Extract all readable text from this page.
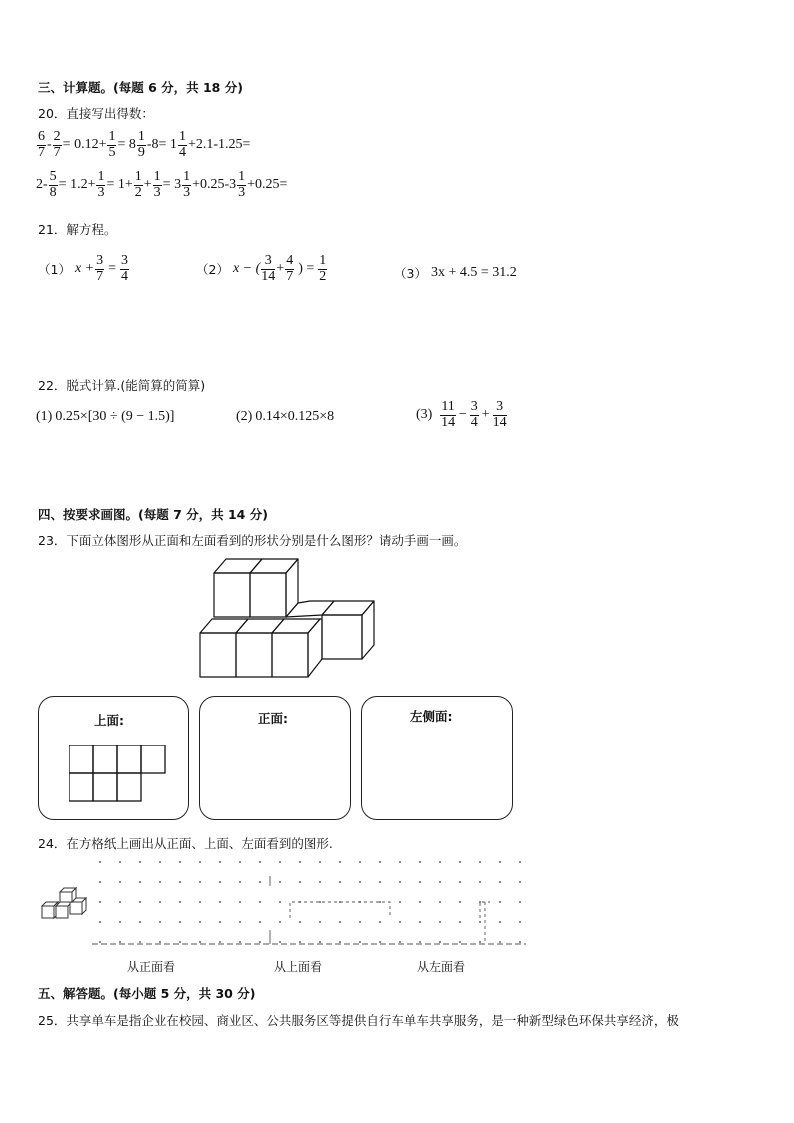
三、计算题。(每题 6 分，共 18 分)
20．直接写出得数：
$\frac{6}{7} - \frac{2}{7} = 0.12+ \frac{1}{5} = 8 \frac{1}{9} -8= 1 \frac{1}{4} +2.1-1.25=$
$2- \frac{5}{8} = 1.2+ \frac{1}{3} = 1+ \frac{1}{2} + \frac{1}{3} = 3 \frac{1}{3} +0.25-3 \frac{1}{3} +0.25=$
21．解方程。
（1） $x + \frac{3}{7} = \frac{3}{4}$	（2） x − ( $\frac{3}{14} + \frac{4}{7}$ ) = $\frac{1}{2}$	（3） 3x + 4.5 = 31.2
22．脱式计算.(能简算的简算)
(1) 0.25×[30 ÷ (9 − 1.5)]	(2) 0.14×0.125×8	$(3) \frac{11}{14} - \frac{3}{4} + \frac{3}{14}$
四、按要求画图。(每题 7 分，共 14 分)
23．下面立体图形从正面和左面看到的形状分别是什么图形？请动手画一画。
上面:	正面:	左侧面:
24．在方格纸上画出从正面、上面、左面看到的图形.
从正面看	从上面看	从左面看
五、解答题。(每小题 5 分，共 30 分)
25．共享单车是指企业在校园、商业区、公共服务区等提供自行车单车共享服务，是一种新型绿色环保共享经济，极
